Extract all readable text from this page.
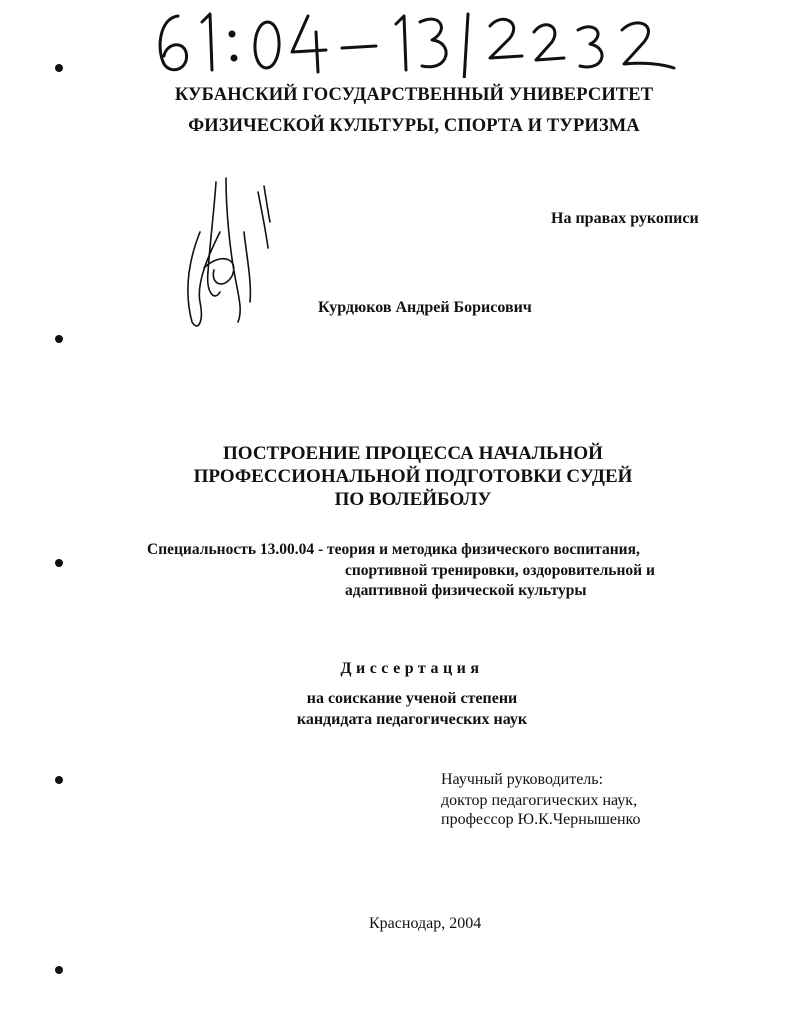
КУБАНСКИЙ ГОСУДАРСТВЕННЫЙ УНИВЕРСИТЕТ
ФИЗИЧЕСКОЙ КУЛЬТУРЫ, СПОРТА И ТУРИЗМА
На правах рукописи
Курдюков Андрей Борисович
ПОСТРОЕНИЕ ПРОЦЕССА НАЧАЛЬНОЙ
ПРОФЕССИОНАЛЬНОЙ ПОДГОТОВКИ СУДЕЙ
ПО ВОЛЕЙБОЛУ
Специальность 13.00.04 - теория и методика физического воспитания,
спортивной тренировки, оздоровительной и
адаптивной физической культуры
Диссертация
на соискание ученой степени
кандидата педагогических наук
Научный руководитель:
доктор педагогических наук,
профессор Ю.К.Чернышенко
Краснодар, 2004
